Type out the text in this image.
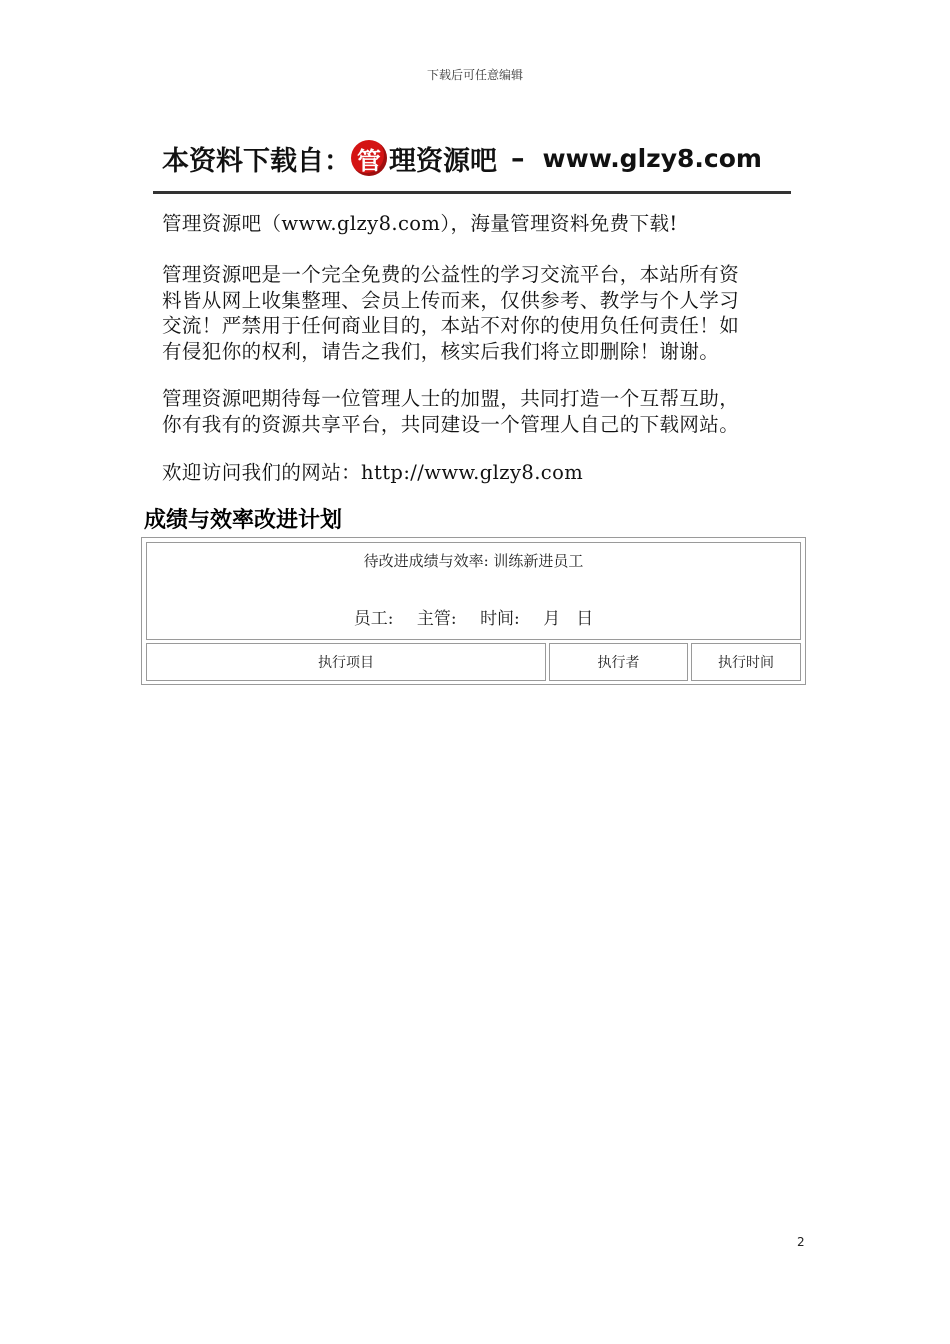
下载后可任意编辑
本资料下载自： 管 理资源吧 – www.glzy8.com

管理资源吧（www.glzy8.com），海量管理资料免费下载!

管理资源吧是一个完全免费的公益性的学习交流平台，本站所有资

料皆从网上收集整理、会员上传而来，仅供参考、教学与个人学习

交流！严禁用于任何商业目的，本站不对你的使用负任何责任！如

有侵犯你的权利，请告之我们，核实后我们将立即删除！谢谢。

管理资源吧期待每一位管理人士的加盟，共同打造一个互帮互助，

你有我有的资源共享平台，共同建设一个管理人自己的下载网站。

欢迎访问我们的网站：http://www.glzy8.com

成绩与效率改进计划
待改进成绩与效率: 训练新进员工
员工: 主管: 时间: 月 日
执行项目	执行者	执行时间
2
